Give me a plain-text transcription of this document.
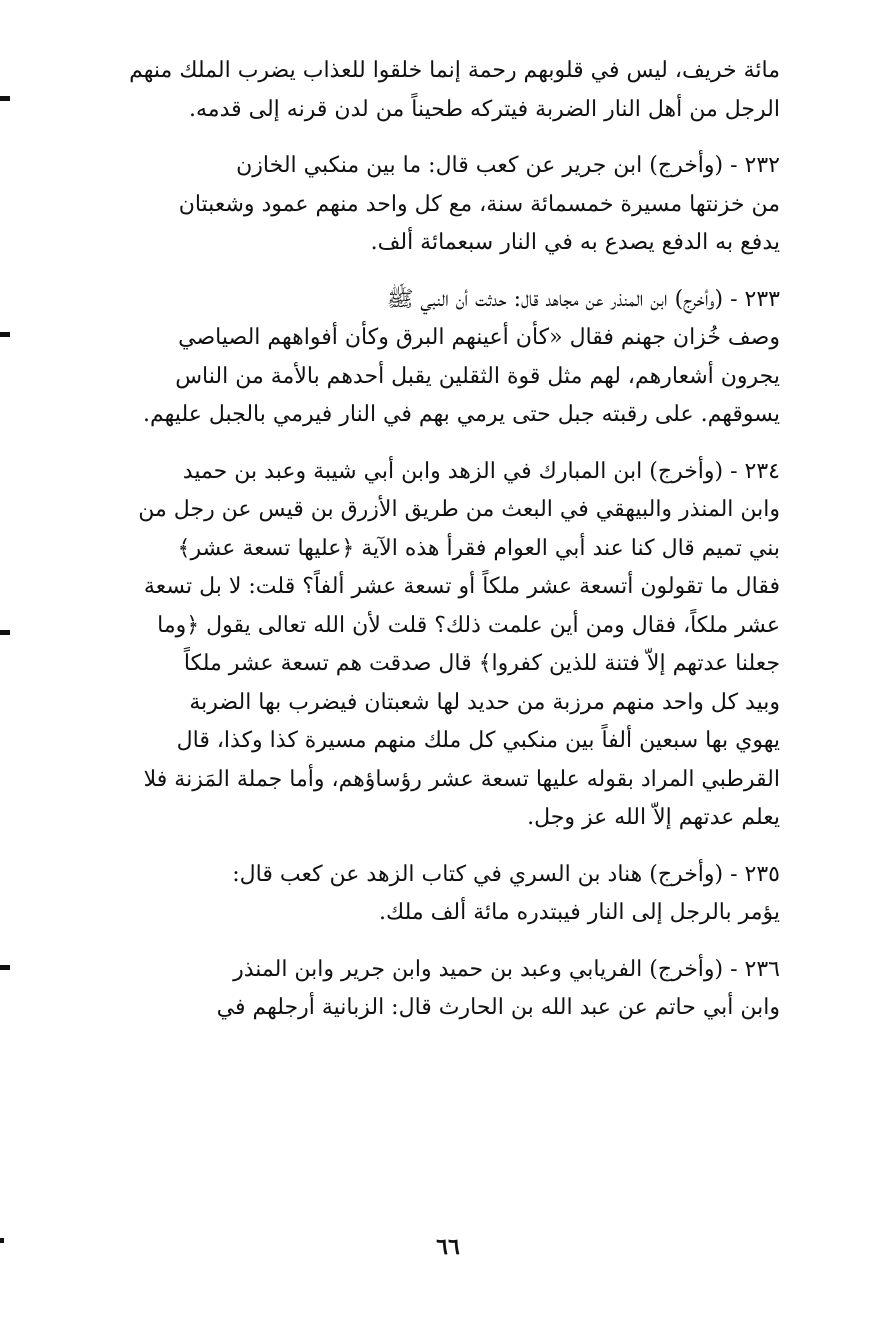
مائة خريف، ليس في قلوبهم رحمة إنما خلقوا للعذاب يضرب الملك منهم
الرجل من أهل النار الضربة فيتركه طحيناً من لدن قرنه إلى قدمه.

٢٣٢ - (وأخرج) ابن جرير عن كعب قال: ما بين منكبي الخازن
من خزنتها مسيرة خمسمائة سنة، مع كل واحد منهم عمود وشعبتان
يدفع به الدفع يصدع به في النار سبعمائة ألف.

٢٣٣ - (وأخرج) ابن المنذر عن مجاهد قال: حدثت أن النبي ﷺ
وصف خُزان جهنم فقال «كأن أعينهم البرق وكأن أفواههم الصياصي
يجرون أشعارهم، لهم مثل قوة الثقلين يقبل أحدهم بالأمة من الناس
يسوقهم. على رقبته جبل حتى يرمي بهم في النار فيرمي بالجبل عليهم.

٢٣٤ - (وأخرج) ابن المبارك في الزهد وابن أبي شيبة وعبد بن حميد
وابن المنذر والبيهقي في البعث من طريق الأزرق بن قيس عن رجل من
بني تميم قال كنا عند أبي العوام فقرأ هذه الآية ﴿عليها تسعة عشر﴾
فقال ما تقولون أتسعة عشر ملكاً أو تسعة عشر ألفاً؟ قلت: لا بل تسعة
عشر ملكاً، فقال ومن أين علمت ذلك؟ قلت لأن الله تعالى يقول ﴿وما
جعلنا عدتهم إلاّ فتنة للذين كفروا﴾ قال صدقت هم تسعة عشر ملكاً
وبيد كل واحد منهم مرزبة من حديد لها شعبتان فيضرب بها الضربة
يهوي بها سبعين ألفاً بين منكبي كل ملك منهم مسيرة كذا وكذا، قال
القرطبي المراد بقوله عليها تسعة عشر رؤساؤهم، وأما جملة المَزنة فلا
يعلم عدتهم إلاّ الله عز وجل.

٢٣٥ - (وأخرج) هناد بن السري في كتاب الزهد عن كعب قال:
يؤمر بالرجل إلى النار فيبتدره مائة ألف ملك.

٢٣٦ - (وأخرج) الفريابي وعبد بن حميد وابن جرير وابن المنذر
وابن أبي حاتم عن عبد الله بن الحارث قال: الزبانية أرجلهم في

٦٦
